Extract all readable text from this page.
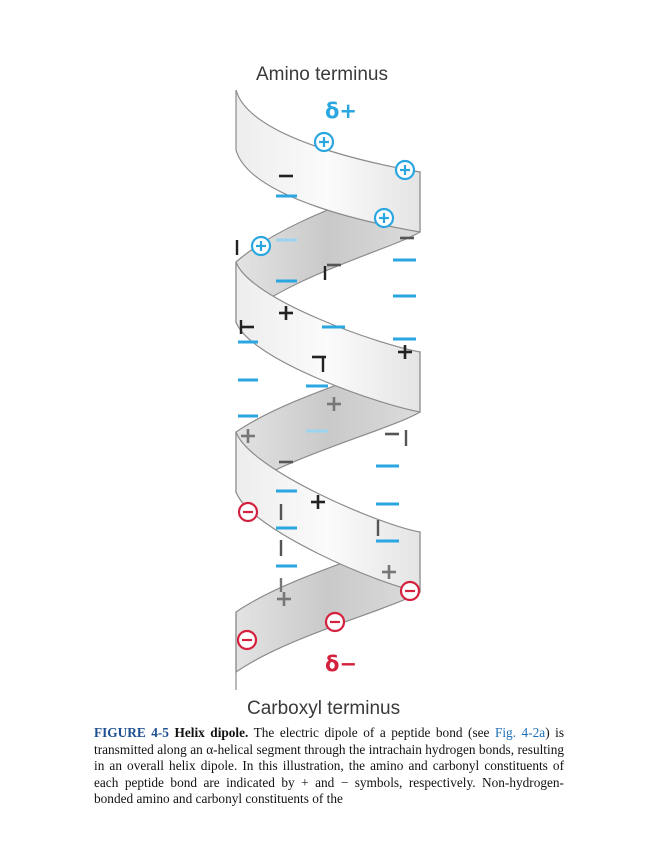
Amino terminus
δ+
δ−
Carboxyl terminus
FIGURE 4-5 Helix dipole. The electric dipole of a peptide bond (see Fig. 4-2a) is transmitted along an α-helical segment through the intrachain hydrogen bonds, resulting in an overall helix dipole. In this illustration, the amino and carbonyl constituents of each peptide bond are indicated by + and − symbols, respectively. Non-hydrogen-bonded amino and carbonyl constituents of the
